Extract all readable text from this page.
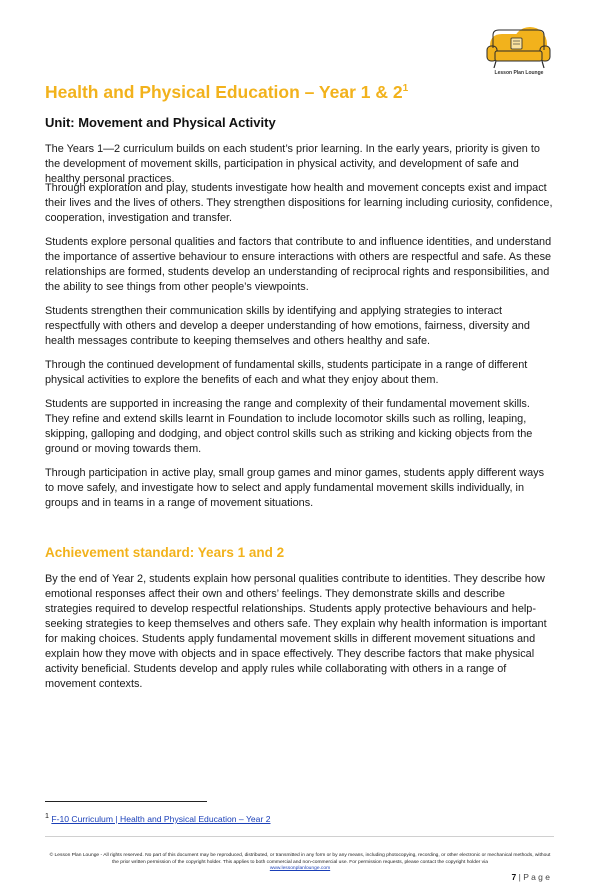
Lesson Plan Lounge
Health and Physical Education – Year 1 & $2^1$
Unit: Movement and Physical Activity

The Years 1—2 curriculum builds on each student’s prior learning. In the early years, priority is given to the development of movement skills, participation in physical activity, and development of safe and healthy personal practices.

Through exploration and play, students investigate how health and movement concepts exist and impact their lives and the lives of others. They strengthen dispositions for learning including curiosity, confidence, cooperation, investigation and transfer.

Students explore personal qualities and factors that contribute to and influence identities, and understand the importance of assertive behaviour to ensure interactions with others are respectful and safe. As these relationships are formed, students develop an understanding of reciprocal rights and responsibilities, and the ability to see things from other people’s viewpoints.

Students strengthen their communication skills by identifying and applying strategies to interact respectfully with others and develop a deeper understanding of how emotions, fairness, diversity and health messages contribute to keeping themselves and others healthy and safe.

Through the continued development of fundamental skills, students participate in a range of different physical activities to explore the benefits of each and what they enjoy about them.

Students are supported in increasing the range and complexity of their fundamental movement skills. They refine and extend skills learnt in Foundation to include locomotor skills such as rolling, leaping, skipping, galloping and dodging, and object control skills such as striking and kicking objects from the ground or moving towards them.

Through participation in active play, small group games and minor games, students apply different ways to move safely, and investigate how to select and apply fundamental movement skills individually, in groups and in teams in a range of movement situations.

Achievement standard: Years 1 and 2

By the end of Year 2, students explain how personal qualities contribute to identities. They describe how emotional responses affect their own and others’ feelings. They demonstrate skills and describe strategies required to develop respectful relationships. Students apply protective behaviours and help-seeking strategies to keep themselves and others safe. They explain why health information is important for making choices. Students apply fundamental movement skills in different movement situations and explain how they move with objects and in space effectively. They describe factors that make physical activity beneficial. Students develop and apply rules while collaborating with others in a range of movement contexts.

$^1$ F-10 Curriculum | Health and Physical Education – Year 2

© Lesson Plan Lounge - All rights reserved. No part of this document may be reproduced, distributed, or transmitted in any form or by any means, including photocopying, recording, or other electronic or mechanical methods, without the prior written permission of the copyright holder. This applies to both commercial and non-commercial use. For permission requests, please contact the copyright holder via
www.lessonplanlounge.com

7 | P a g e
